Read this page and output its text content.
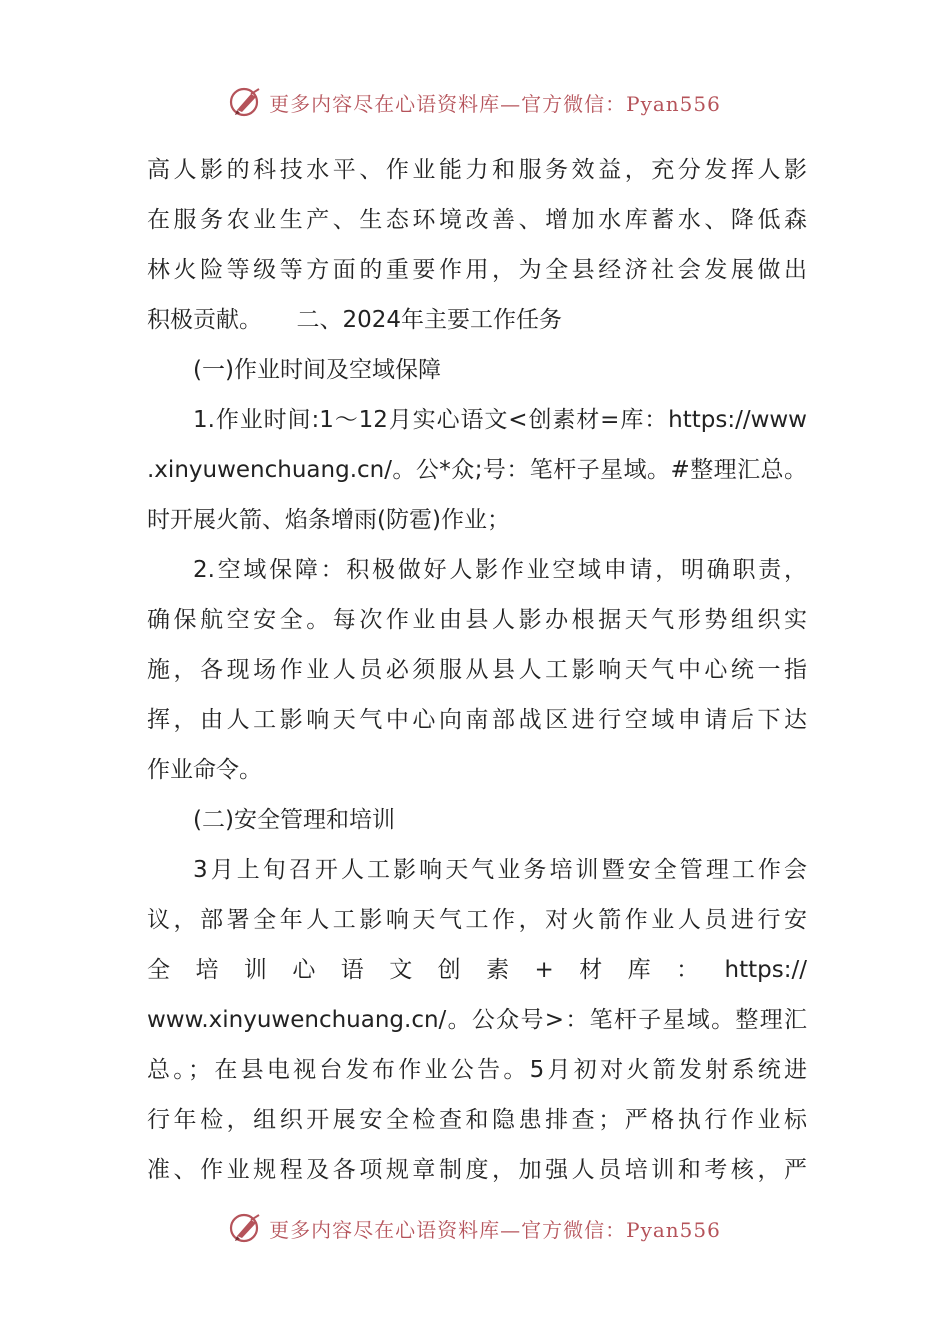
更多内容尽在心语资料库—官方微信：Pyan556
高人影的科技水平、作业能力和服务效益，充分发挥人影
在服务农业生产、生态环境改善、增加水库蓄水、降低森
林火险等级等方面的重要作用，为全县经济社会发展做出
积极贡献。　　二、2024年主要工作任务
(一)作业时间及空域保障
1.作业时间:1～12月实心语文<创素材=库：https://www
.xinyuwenchuang.cn/。公*众;号：笔杆子星域。#整理汇总。
时开展火箭、焰条增雨(防雹)作业；
2.空域保障：积极做好人影作业空域申请，明确职责，
确保航空安全。每次作业由县人影办根据天气形势组织实
施，各现场作业人员必须服从县人工影响天气中心统一指
挥，由人工影响天气中心向南部战区进行空域申请后下达
作业命令。
(二)安全管理和培训
3月上旬召开人工影响天气业务培训暨安全管理工作会
议，部署全年人工影响天气工作，对火箭作业人员进行安
全培训心语文创素+材库：https://
www.xinyuwenchuang.cn/。公众号>：笔杆子星域。整理汇
总。；在县电视台发布作业公告。5月初对火箭发射系统进
行年检，组织开展安全检查和隐患排查；严格执行作业标
准、作业规程及各项规章制度，加强人员培训和考核，严
更多内容尽在心语资料库—官方微信：Pyan556
